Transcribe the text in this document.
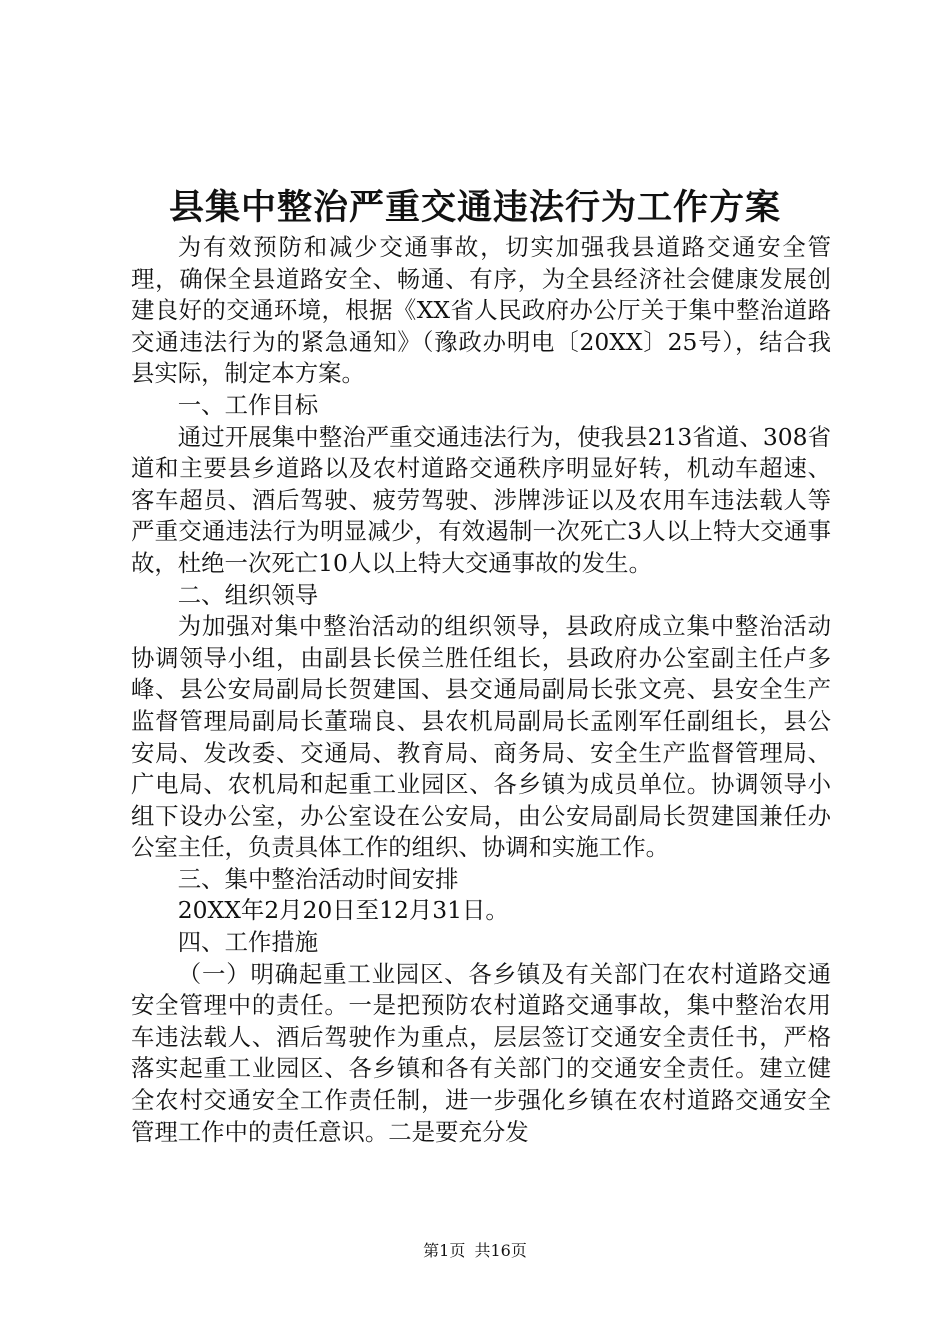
县集中整治严重交通违法行为工作方案

为有效预防和减少交通事故，切实加强我县道路交通安全管理，确保全县道路安全、畅通、有序，为全县经济社会健康发展创建良好的交通环境，根据《XX省人民政府办公厅关于集中整治道路交通违法行为的紧急通知》（豫政办明电〔20XX〕25号），结合我县实际，制定本方案。

一、工作目标

通过开展集中整治严重交通违法行为，使我县213省道、308省道和主要县乡道路以及农村道路交通秩序明显好转，机动车超速、客车超员、酒后驾驶、疲劳驾驶、涉牌涉证以及农用车违法载人等严重交通违法行为明显减少，有效遏制一次死亡3人以上特大交通事故，杜绝一次死亡10人以上特大交通事故的发生。

二、组织领导

为加强对集中整治活动的组织领导，县政府成立集中整治活动协调领导小组，由副县长侯兰胜任组长，县政府办公室副主任卢多峰、县公安局副局长贺建国、县交通局副局长张文亮、县安全生产监督管理局副局长董瑞良、县农机局副局长孟刚军任副组长，县公安局、发改委、交通局、教育局、商务局、安全生产监督管理局、广电局、农机局和起重工业园区、各乡镇为成员单位。协调领导小组下设办公室，办公室设在公安局，由公安局副局长贺建国兼任办公室主任，负责具体工作的组织、协调和实施工作。

三、集中整治活动时间安排

20XX年2月20日至12月31日。

四、工作措施

（一）明确起重工业园区、各乡镇及有关部门在农村道路交通安全管理中的责任。一是把预防农村道路交通事故，集中整治农用车违法载人、酒后驾驶作为重点，层层签订交通安全责任书，严格落实起重工业园区、各乡镇和各有关部门的交通安全责任。建立健全农村交通安全工作责任制，进一步强化乡镇在农村道路交通安全管理工作中的责任意识。二是要充分发

第1页 共16页
